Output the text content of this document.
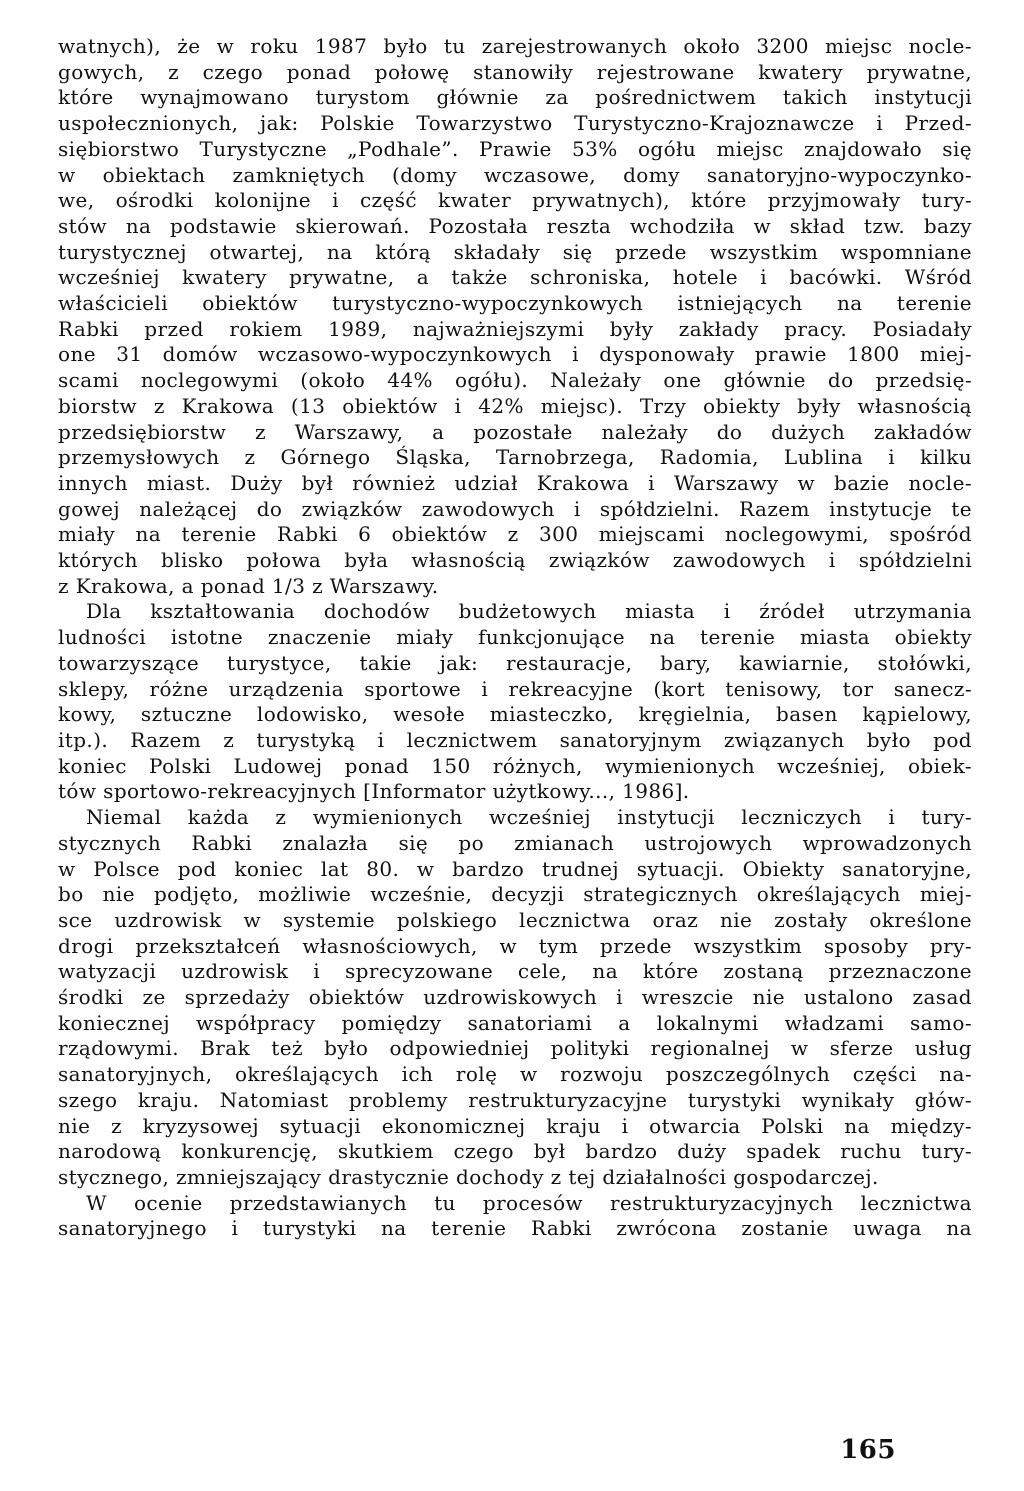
watnych), że w roku 1987 było tu zarejestrowanych około 3200 miejsc nocle-
gowych, z czego ponad połowę stanowiły rejestrowane kwatery prywatne,
które wynajmowano turystom głównie za pośrednictwem takich instytucji
uspołecznionych, jak: Polskie Towarzystwo Turystyczno-Krajoznawcze i Przed-
siębiorstwo Turystyczne „Podhale”. Prawie 53% ogółu miejsc znajdowało się
w obiektach zamkniętych (domy wczasowe, domy sanatoryjno-wypoczynko-
we, ośrodki kolonijne i część kwater prywatnych), które przyjmowały tury-
stów na podstawie skierowań. Pozostała reszta wchodziła w skład tzw. bazy
turystycznej otwartej, na którą składały się przede wszystkim wspomniane
wcześniej kwatery prywatne, a także schroniska, hotele i bacówki. Wśród
właścicieli obiektów turystyczno-wypoczynkowych istniejących na terenie
Rabki przed rokiem 1989, najważniejszymi były zakłady pracy. Posiadały
one 31 domów wczasowo-wypoczynkowych i dysponowały prawie 1800 miej-
scami noclegowymi (około 44% ogółu). Należały one głównie do przedsię-
biorstw z Krakowa (13 obiektów i 42% miejsc). Trzy obiekty były własnością
przedsiębiorstw z Warszawy, a pozostałe należały do dużych zakładów
przemysłowych z Górnego Śląska, Tarnobrzega, Radomia, Lublina i kilku
innych miast. Duży był również udział Krakowa i Warszawy w bazie nocle-
gowej należącej do związków zawodowych i spółdzielni. Razem instytucje te
miały na terenie Rabki 6 obiektów z 300 miejscami noclegowymi, spośród
których blisko połowa była własnością związków zawodowych i spółdzielni
z Krakowa, a ponad 1/3 z Warszawy.
Dla kształtowania dochodów budżetowych miasta i źródeł utrzymania
ludności istotne znaczenie miały funkcjonujące na terenie miasta obiekty
towarzyszące turystyce, takie jak: restauracje, bary, kawiarnie, stołówki,
sklepy, różne urządzenia sportowe i rekreacyjne (kort tenisowy, tor sanecz-
kowy, sztuczne lodowisko, wesołe miasteczko, kręgielnia, basen kąpielowy,
itp.). Razem z turystyką i lecznictwem sanatoryjnym związanych było pod
koniec Polski Ludowej ponad 150 różnych, wymienionych wcześniej, obiek-
tów sportowo-rekreacyjnych [Informator użytkowy..., 1986].
Niemal każda z wymienionych wcześniej instytucji leczniczych i tury-
stycznych Rabki znalazła się po zmianach ustrojowych wprowadzonych
w Polsce pod koniec lat 80. w bardzo trudnej sytuacji. Obiekty sanatoryjne,
bo nie podjęto, możliwie wcześnie, decyzji strategicznych określających miej-
sce uzdrowisk w systemie polskiego lecznictwa oraz nie zostały określone
drogi przekształceń własnościowych, w tym przede wszystkim sposoby pry-
watyzacji uzdrowisk i sprecyzowane cele, na które zostaną przeznaczone
środki ze sprzedaży obiektów uzdrowiskowych i wreszcie nie ustalono zasad
koniecznej współpracy pomiędzy sanatoriami a lokalnymi władzami samo-
rządowymi. Brak też było odpowiedniej polityki regionalnej w sferze usług
sanatoryjnych, określających ich rolę w rozwoju poszczególnych części na-
szego kraju. Natomiast problemy restrukturyzacyjne turystyki wynikały głów-
nie z kryzysowej sytuacji ekonomicznej kraju i otwarcia Polski na między-
narodową konkurencję, skutkiem czego był bardzo duży spadek ruchu tury-
stycznego, zmniejszający drastycznie dochody z tej działalności gospodarczej.
W ocenie przedstawianych tu procesów restrukturyzacyjnych lecznictwa
sanatoryjnego i turystyki na terenie Rabki zwrócona zostanie uwaga na
165
